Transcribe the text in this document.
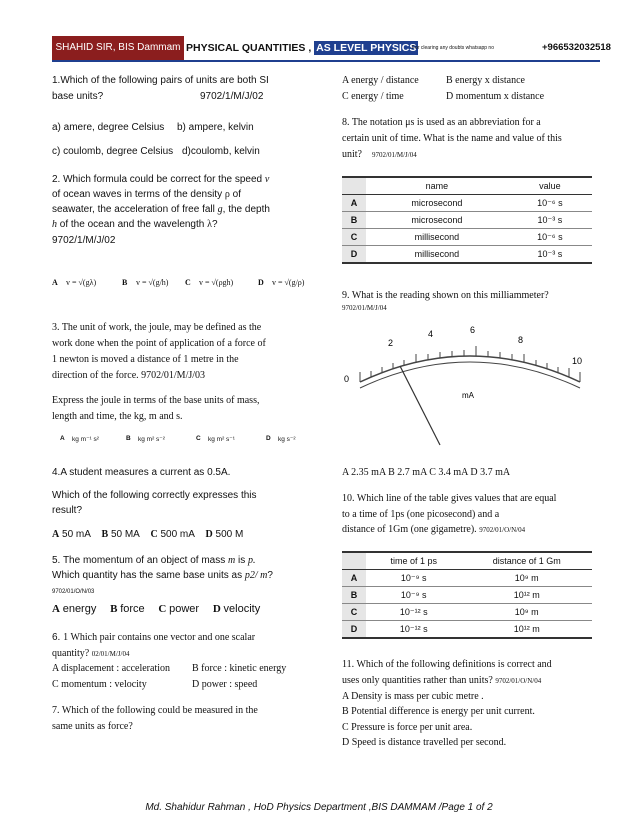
SHAHID SIR, BIS Dammam PHYSICAL QUANTITIES , AS LEVEL PHYSICS
For clearing any doubts whatsapp no	+966532032518
1.Which of the following pairs of units are both SI
base units?	9702/1/M/J/02
a) amere, degree Celsius b) ampere, kelvin
c) coulomb, degree Celsius d)coulomb, kelvin
2. Which formula could be correct for the speed v
of ocean waves in terms of the density ρ of
seawater, the acceleration of free fall g, the depth
h of the ocean and the wavelength λ?
9702/1/M/J/02
A v = √(gλ)	B v = √(g/h) C v = √(ρgh)	D v = √(g/ρ)
3. The unit of work, the joule, may be defined as the
work done when the point of application of a force of
1 newton is moved a distance of 1 metre in the
direction of the force. 9702/01/M/J/03
Express the joule in terms of the base units of mass,
length and time, the kg, m and s.
A kg m⁻¹ s²	B kg m² s⁻²	C kg m² s⁻¹	D kg s⁻²
4.A student measures a current as 0.5A.
Which of the following correctly expresses this
result?
A 50 mA B 50 MA C 500 mA D 500 M
5. The momentum of an object of mass m is p.
Which quantity has the same base units as p2/ m?
9702/01/O/N/03
A energy B force C power D velocity
6. 1 Which pair contains one vector and one scalar
quantity? 02/01/M/J/04
A displacement : acceleration B force : kinetic energy
C momentum : velocity	D power : speed
7. Which of the following could be measured in the
same units as force?
A energy / distance	B energy x distance
C energy / time	D momentum x distance
8. The notation μs is used as an abbreviation for a
certain unit of time. What is the name and value of this
unit? 9702/01/M/J/04
	name	value
A	microsecond	10⁻⁶ s
B	microsecond	10⁻³ s
C	millisecond	10⁻⁶ s
D	millisecond	10⁻³ s
9. What is the reading shown on this milliammeter?
9702/01/M/J/04
0
2
4	6
8
10
mA
A 2.35 mA B 2.7 mA C 3.4 mA D 3.7 mA
10. Which line of the table gives values that are equal
to a time of 1ps (one picosecond) and a
distance of 1Gm (one gigametre). 9702/01/O/N/04
	time of 1 ps	distance of 1 Gm
A	10⁻⁹ s	10⁹ m
B	10⁻⁹ s	10¹² m
C	10⁻¹² s	10⁹ m
D	10⁻¹² s	10¹² m
11. Which of the following definitions is correct and
uses only quantities rather than units? 9702/01/O/N/04
A Density is mass per cubic metre .
B Potential difference is energy per unit current.
C Pressure is force per unit area.
D Speed is distance travelled per second.
Md. Shahidur Rahman , HoD Physics Department ,BIS DAMMAM /Page 1 of 2
